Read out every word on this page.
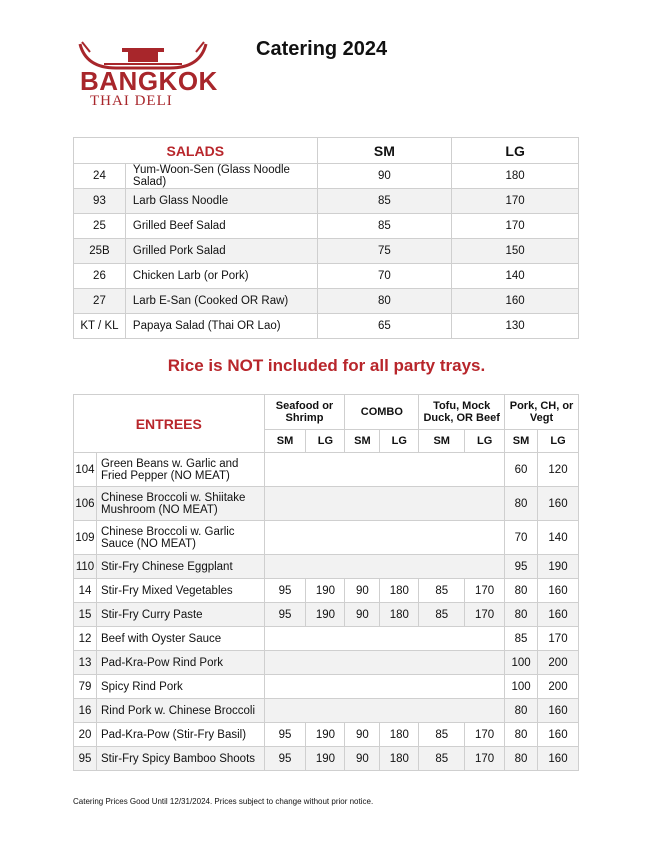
BANGKOK
THAI DELI
Catering 2024
SALADS		SM	LG
24	Yum-Woon-Sen (Glass Noodle Salad)	90	180
93	Larb Glass Noodle	85	170
25	Grilled Beef Salad	85	170
25B	Grilled Pork Salad	75	150
26	Chicken Larb (or Pork)	70	140
27	Larb E-San (Cooked OR Raw)	80	160
KT / KL	Papaya Salad (Thai OR Lao)	65	130
Rice is NOT included for all party trays.
ENTREES		Seafood or Shrimp		COMBO		Tofu, Mock Duck, OR Beef		Pork, CH, or Vegt	
		SM	LG	SM	LG	SM	LG	SM	LG
104	Green Beans w. Garlic and Fried Pepper (NO MEAT)							60	120
106	Chinese Broccoli w. Shiitake Mushroom (NO MEAT)							80	160
109	Chinese Broccoli w. Garlic Sauce (NO MEAT)							70	140
110	Stir-Fry Chinese Eggplant							95	190
14	Stir-Fry Mixed Vegetables	95	190	90	180	85	170	80	160
15	Stir-Fry Curry Paste	95	190	90	180	85	170	80	160
12	Beef with Oyster Sauce							85	170
13	Pad-Kra-Pow Rind Pork							100	200
79	Spicy Rind Pork							100	200
16	Rind Pork w. Chinese Broccoli							80	160
20	Pad-Kra-Pow (Stir-Fry Basil)	95	190	90	180	85	170	80	160
95	Stir-Fry Spicy Bamboo Shoots	95	190	90	180	85	170	80	160
Catering Prices Good Until 12/31/2024. Prices subject to change without prior notice.
